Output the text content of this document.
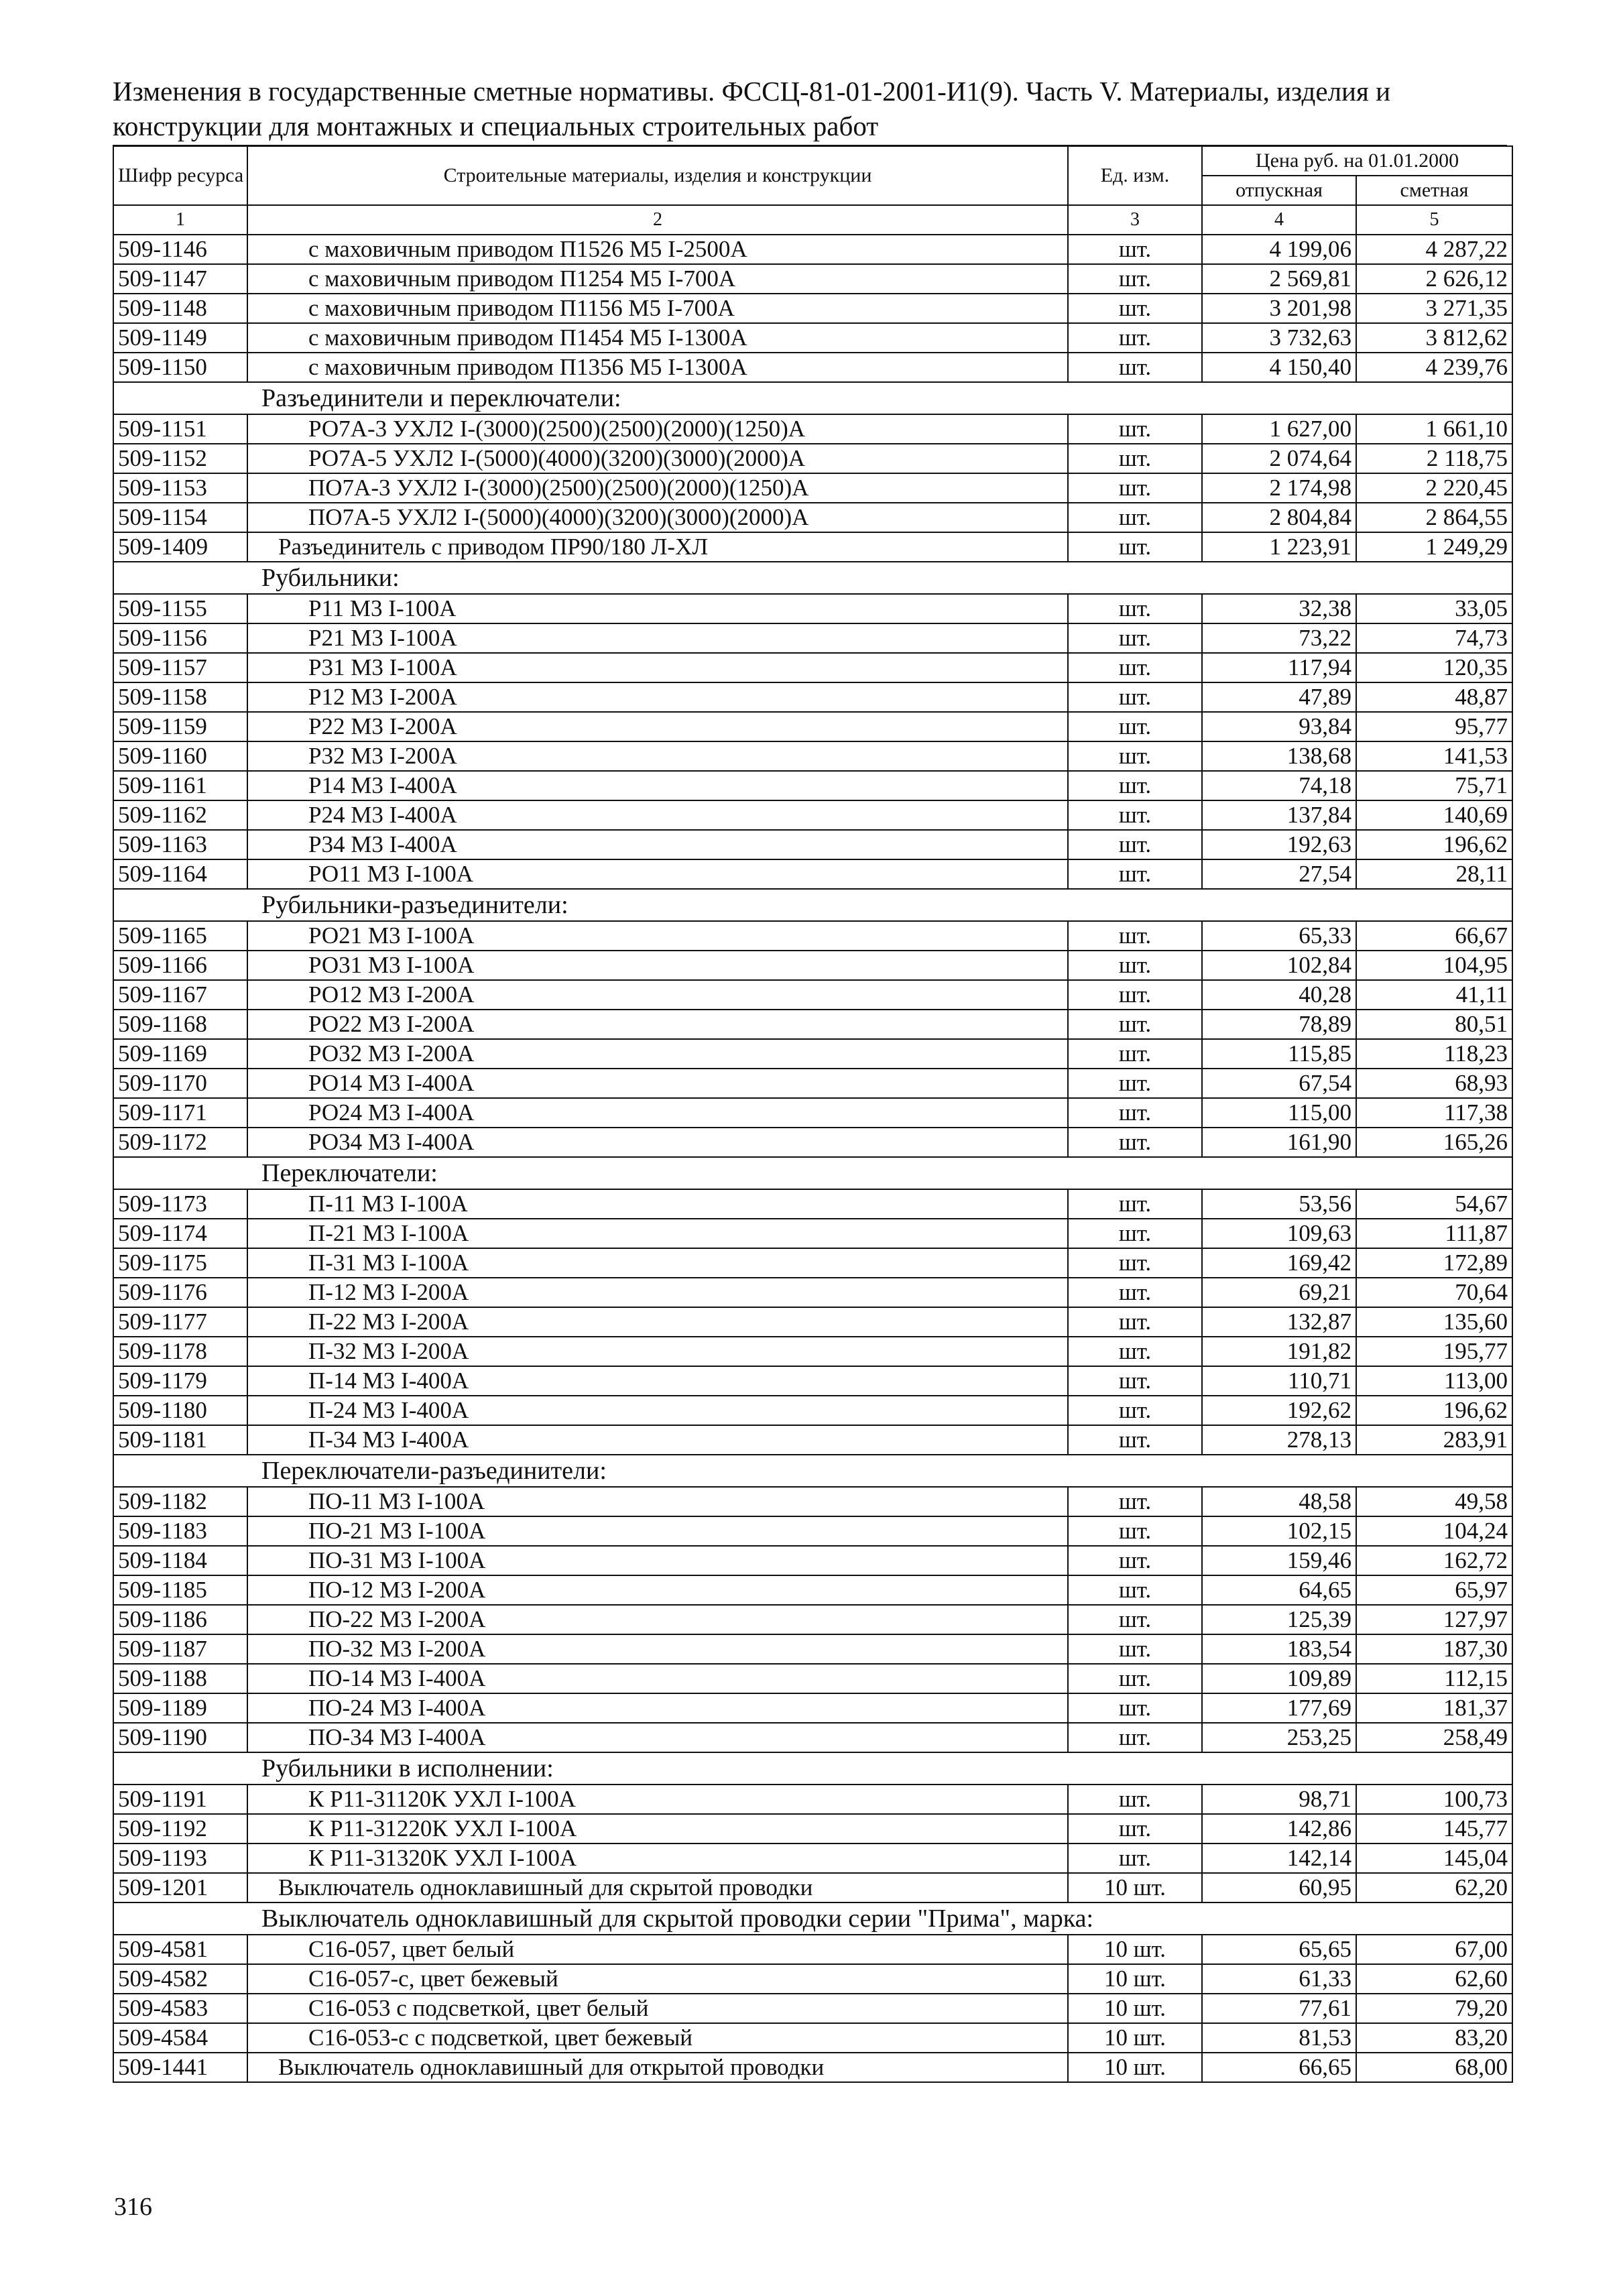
Изменения в государственные сметные нормативы. ФССЦ-81-01-2001-И1(9). Часть V. Материалы, изделия и
конструкции для монтажных и специальных строительных работ
Шифр ресурса	Строительные материалы, изделия и конструкции	Ед. изм.	Цена руб. на 01.01.2000	
			отпускная	сметная
1	2	3	4	5
509-1146	с маховичным приводом П1526 М5 I-2500А	шт.	4 199,06	4 287,22
509-1147	с маховичным приводом П1254 М5 I-700А	шт.	2 569,81	2 626,12
509-1148	с маховичным приводом П1156 М5 I-700А	шт.	3 201,98	3 271,35
509-1149	с маховичным приводом П1454 М5 I-1300А	шт.	3 732,63	3 812,62
509-1150	с маховичным приводом П1356 М5 I-1300А	шт.	4 150,40	4 239,76
Разъединители и переключатели:				
509-1151	РО7А-3 УХЛ2 I-(3000)(2500)(2500)(2000)(1250)А	шт.	1 627,00	1 661,10
509-1152	РО7А-5 УХЛ2 I-(5000)(4000)(3200)(3000)(2000)А	шт.	2 074,64	2 118,75
509-1153	ПО7А-3 УХЛ2 I-(3000)(2500)(2500)(2000)(1250)А	шт.	2 174,98	2 220,45
509-1154	ПО7А-5 УХЛ2 I-(5000)(4000)(3200)(3000)(2000)А	шт.	2 804,84	2 864,55
509-1409	Разъединитель с приводом ПР90/180 Л-ХЛ	шт.	1 223,91	1 249,29
Рубильники:				
509-1155	Р11 М3 I-100А	шт.	32,38	33,05
509-1156	Р21 М3 I-100А	шт.	73,22	74,73
509-1157	Р31 М3 I-100А	шт.	117,94	120,35
509-1158	Р12 М3 I-200А	шт.	47,89	48,87
509-1159	Р22 М3 I-200А	шт.	93,84	95,77
509-1160	Р32 М3 I-200А	шт.	138,68	141,53
509-1161	Р14 М3 I-400А	шт.	74,18	75,71
509-1162	Р24 М3 I-400А	шт.	137,84	140,69
509-1163	Р34 М3 I-400А	шт.	192,63	196,62
509-1164	РО11 М3 I-100А	шт.	27,54	28,11
Рубильники-разъединители:				
509-1165	РО21 М3 I-100А	шт.	65,33	66,67
509-1166	РО31 М3 I-100А	шт.	102,84	104,95
509-1167	РО12 М3 I-200А	шт.	40,28	41,11
509-1168	РО22 М3 I-200А	шт.	78,89	80,51
509-1169	РО32 М3 I-200А	шт.	115,85	118,23
509-1170	РО14 М3 I-400А	шт.	67,54	68,93
509-1171	РО24 М3 I-400А	шт.	115,00	117,38
509-1172	РО34 М3 I-400А	шт.	161,90	165,26
Переключатели:				
509-1173	П-11 М3 I-100А	шт.	53,56	54,67
509-1174	П-21 М3 I-100А	шт.	109,63	111,87
509-1175	П-31 М3 I-100А	шт.	169,42	172,89
509-1176	П-12 М3 I-200А	шт.	69,21	70,64
509-1177	П-22 М3 I-200А	шт.	132,87	135,60
509-1178	П-32 М3 I-200А	шт.	191,82	195,77
509-1179	П-14 М3 I-400А	шт.	110,71	113,00
509-1180	П-24 М3 I-400А	шт.	192,62	196,62
509-1181	П-34 М3 I-400А	шт.	278,13	283,91
Переключатели-разъединители:				
509-1182	ПО-11 М3 I-100А	шт.	48,58	49,58
509-1183	ПО-21 М3 I-100А	шт.	102,15	104,24
509-1184	ПО-31 М3 I-100А	шт.	159,46	162,72
509-1185	ПО-12 М3 I-200А	шт.	64,65	65,97
509-1186	ПО-22 М3 I-200А	шт.	125,39	127,97
509-1187	ПО-32 М3 I-200А	шт.	183,54	187,30
509-1188	ПО-14 М3 I-400А	шт.	109,89	112,15
509-1189	ПО-24 М3 I-400А	шт.	177,69	181,37
509-1190	ПО-34 М3 I-400А	шт.	253,25	258,49
Рубильники в исполнении:				
509-1191	К Р11-31120К УХЛ I-100А	шт.	98,71	100,73
509-1192	К Р11-31220К УХЛ I-100А	шт.	142,86	145,77
509-1193	К Р11-31320К УХЛ I-100А	шт.	142,14	145,04
509-1201	Выключатель одноклавишный для скрытой проводки	10 шт.	60,95	62,20
Выключатель одноклавишный для скрытой проводки серии "Прима", марка:				
509-4581	С16-057, цвет белый	10 шт.	65,65	67,00
509-4582	С16-057-с, цвет бежевый	10 шт.	61,33	62,60
509-4583	С16-053 с подсветкой, цвет белый	10 шт.	77,61	79,20
509-4584	С16-053-с с подсветкой, цвет бежевый	10 шт.	81,53	83,20
509-1441	Выключатель одноклавишный для открытой проводки	10 шт.	66,65	68,00
316
